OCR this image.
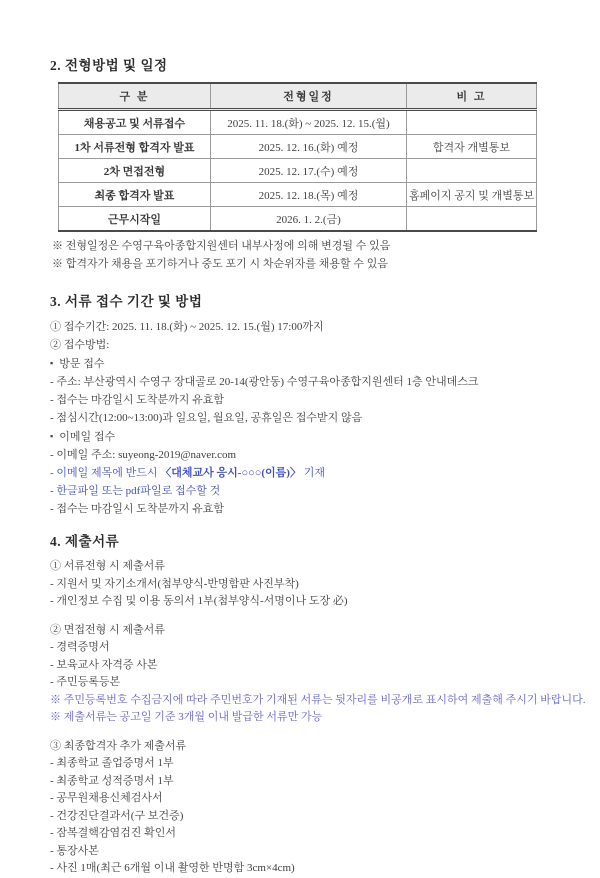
2. 전형방법 및 일정
구 분	전형일정	비 고
채용공고 및 서류접수	2025. 11. 18.(화) ~ 2025. 12. 15.(월)	
1차 서류전형 합격자 발표	2025. 12. 16.(화) 예정	합격자 개별통보
2차 면접전형	2025. 12. 17.(수) 예정	
최종 합격자 발표	2025. 12. 18.(목) 예정	홈페이지 공지 및 개별통보
근무시작일	2026. 1. 2.(금)	

※ 전형일정은 수영구육아종합지원센터 내부사정에 의해 변경될 수 있음

※ 합격자가 채용을 포기하거나 중도 포기 시 차순위자를 채용할 수 있음

3. 서류 접수 기간 및 방법

① 접수기간: 2025. 11. 18.(화) ~ 2025. 12. 15.(월) 17:00까지

② 접수방법:

▪ 방문 접수

- 주소: 부산광역시 수영구 장대골로 20-14(광안동) 수영구육아종합지원센터 1층 안내데스크

- 접수는 마감일시 도착분까지 유효함

- 점심시간(12:00~13:00)과 일요일, 월요일, 공휴일은 접수받지 않음

▪ 이메일 접수

- 이메일 주소: suyeong-2019@naver.com

- 이메일 제목에 반드시 〈대체교사 응시-○○○(이름)〉 기재

- 한글파일 또는 pdf파일로 접수할 것

- 접수는 마감일시 도착분까지 유효함

4. 제출서류

① 서류전형 시 제출서류

- 지원서 및 자기소개서(첨부양식-반명함판 사진부착)

- 개인정보 수집 및 이용 동의서 1부(첨부양식-서명이나 도장 必)

② 면접전형 시 제출서류

- 경력증명서

- 보육교사 자격증 사본

- 주민등록등본

※ 주민등록번호 수집금지에 따라 주민번호가 기재된 서류는 뒷자리를 비공개로 표시하여 제출해 주시기 바랍니다.

※ 제출서류는 공고일 기준 3개월 이내 발급한 서류만 가능

③ 최종합격자 추가 제출서류

- 최종학교 졸업증명서 1부

- 최종학교 성적증명서 1부

- 공무원채용신체검사서

- 건강진단결과서(구 보건증)

- 잠복결핵감염검진 확인서

- 통장사본

- 사진 1매(최근 6개월 이내 촬영한 반명함 3cm×4cm)
